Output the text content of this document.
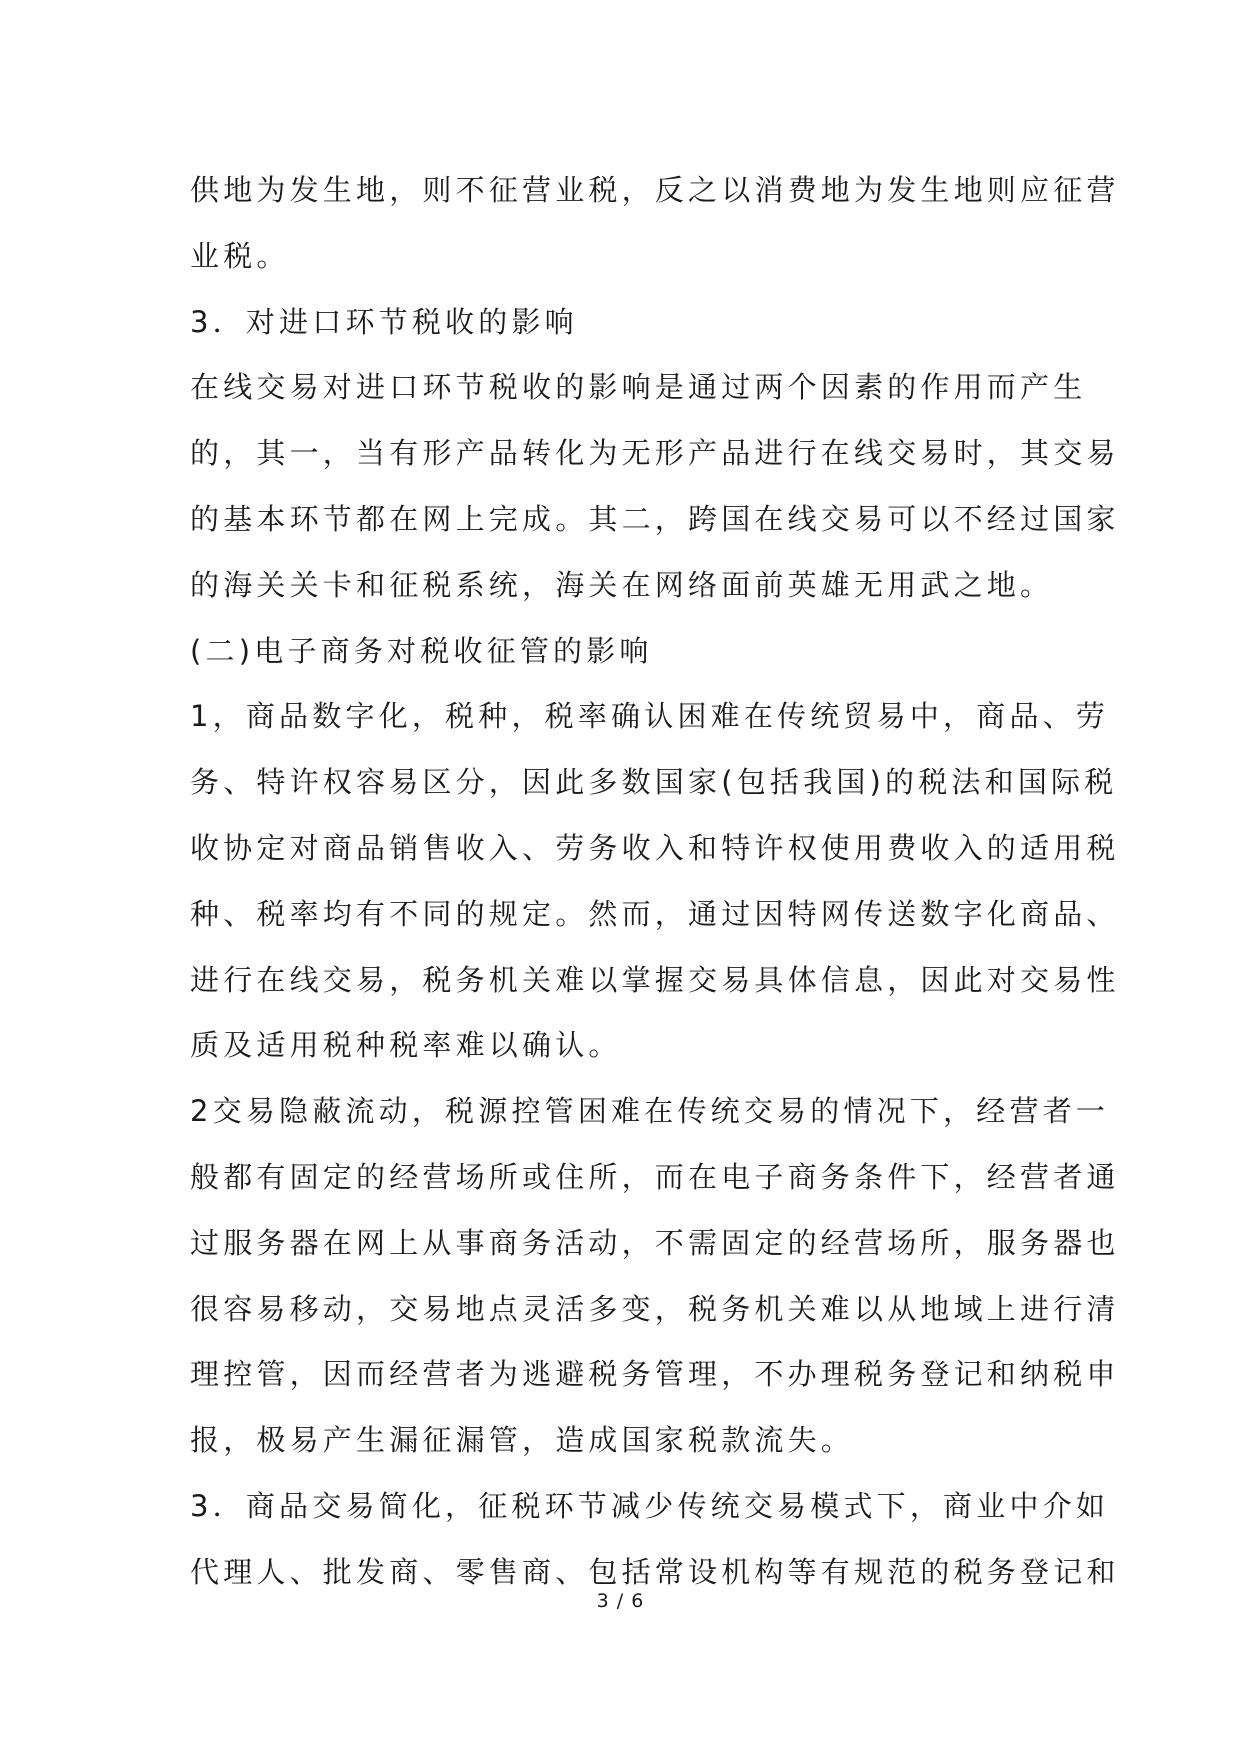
供地为发生地，则不征营业税，反之以消费地为发生地则应征营
业税。
3．对进口环节税收的影响
在线交易对进口环节税收的影响是通过两个因素的作用而产生
的，其一，当有形产品转化为无形产品进行在线交易时，其交易
的基本环节都在网上完成。其二，跨国在线交易可以不经过国家
的海关关卡和征税系统，海关在网络面前英雄无用武之地。
(二)电子商务对税收征管的影响
1，商品数字化，税种，税率确认困难在传统贸易中，商品、劳
务、特许权容易区分，因此多数国家(包括我国)的税法和国际税
收协定对商品销售收入、劳务收入和特许权使用费收入的适用税
种、税率均有不同的规定。然而，通过因特网传送数字化商品、
进行在线交易，税务机关难以掌握交易具体信息，因此对交易性
质及适用税种税率难以确认。
2交易隐蔽流动，税源控管困难在传统交易的情况下，经营者一
般都有固定的经营场所或住所，而在电子商务条件下，经营者通
过服务器在网上从事商务活动，不需固定的经营场所，服务器也
很容易移动，交易地点灵活多变，税务机关难以从地域上进行清
理控管，因而经营者为逃避税务管理，不办理税务登记和纳税申
报，极易产生漏征漏管，造成国家税款流失。
3．商品交易简化，征税环节减少传统交易模式下，商业中介如
代理人、批发商、零售商、包括常设机构等有规范的税务登记和
3 / 6
